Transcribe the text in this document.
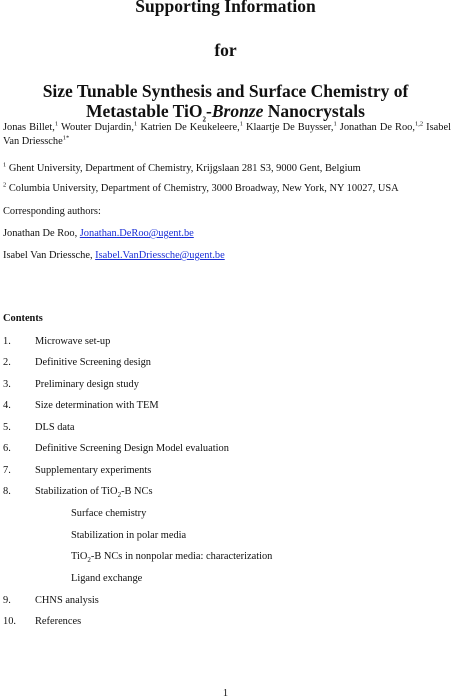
Supporting Information
for
Size Tunable Synthesis and Surface Chemistry of
Metastable TiO$_2$-Bronze Nanocrystals
Jonas Billet,$^1$ Wouter Dujardin,$^1$ Katrien De Keukeleere,$^1$ Klaartje De Buysser,$^1$ Jonathan De Roo,$^{1,2}$ Isabel Van Driessche$^{1*}$
$^1$ Ghent University, Department of Chemistry, Krijgslaan 281 S3, 9000 Gent, Belgium
$^2$ Columbia University, Department of Chemistry, 3000 Broadway, New York, NY 10027, USA
Corresponding authors:
Jonathan De Roo, Jonathan.DeRoo@ugent.be
Isabel Van Driessche, Isabel.VanDriessche@ugent.be
Contents
1. Microwave set-up
2. Definitive Screening design
3. Preliminary design study
4. Size determination with TEM
5. DLS data
6. Definitive Screening Design Model evaluation
7. Supplementary experiments
8. Stabilization of TiO$_2$-B NCs
Surface chemistry
Stabilization in polar media
TiO$_2$-B NCs in nonpolar media: characterization
Ligand exchange
9. CHNS analysis
10. References
1
